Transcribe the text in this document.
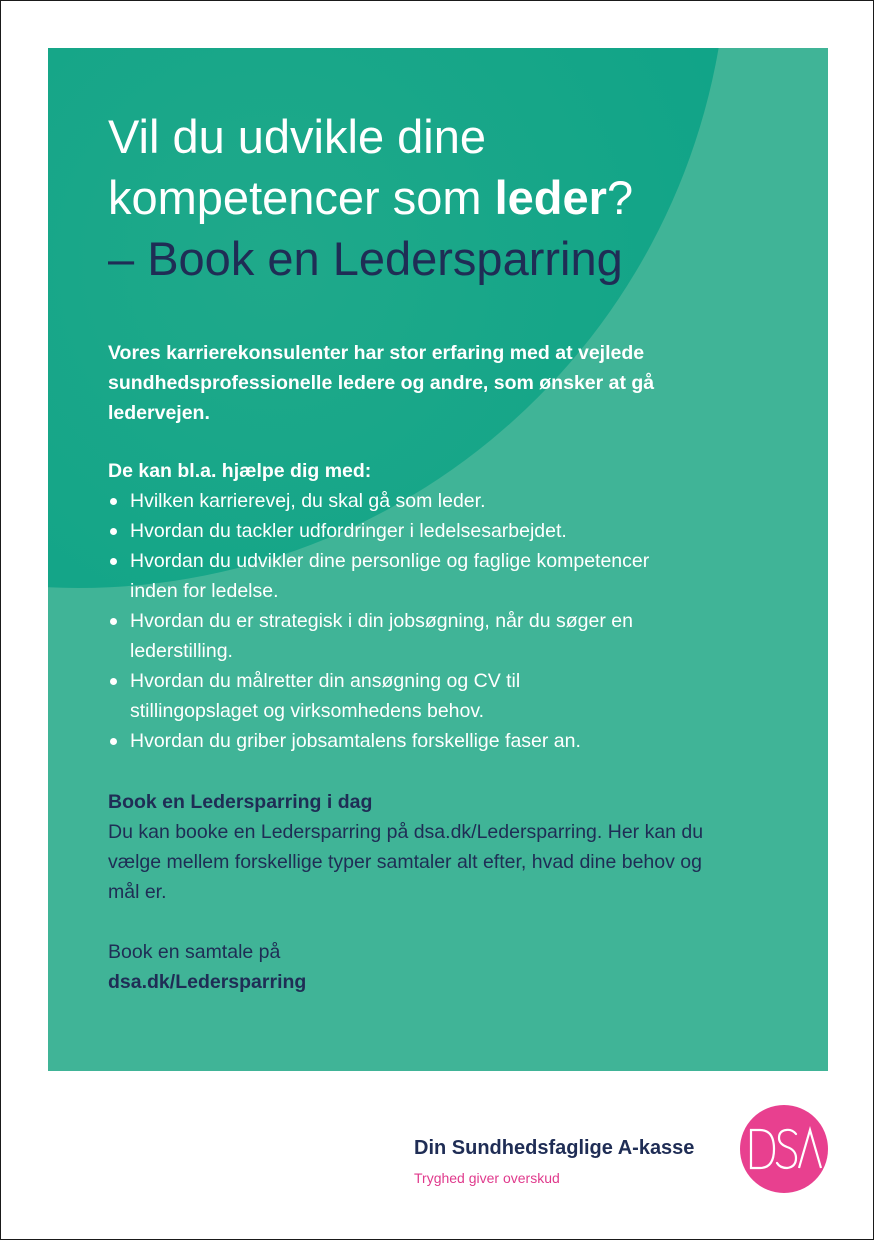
Vil du udvikle dine
kompetencer som leder?
– Book en Ledersparring

Vores karrierekonsulenter har stor erfaring med at vejlede sundhedsprofessionelle ledere og andre, som ønsker at gå ledervejen.

De kan bl.a. hjælpe dig med:

Hvilken karrierevej, du skal gå som leder.
Hvordan du tackler udfordringer i ledelsesarbejdet.
Hvordan du udvikler dine personlige og faglige kompetencer inden for ledelse.
Hvordan du er strategisk i din jobsøgning, når du søger en lederstilling.
Hvordan du målretter din ansøgning og CV til stillingopslaget og virksomhedens behov.
Hvordan du griber jobsamtalens forskellige faser an.

Book en Ledersparring i dag

Du kan booke en Ledersparring på dsa.dk/Ledersparring. Her kan du vælge mellem forskellige typer samtaler alt efter, hvad dine behov og mål er.

Book en samtale på
dsa.dk/Ledersparring

Din Sundhedsfaglige A-kasse
Tryghed giver overskud
